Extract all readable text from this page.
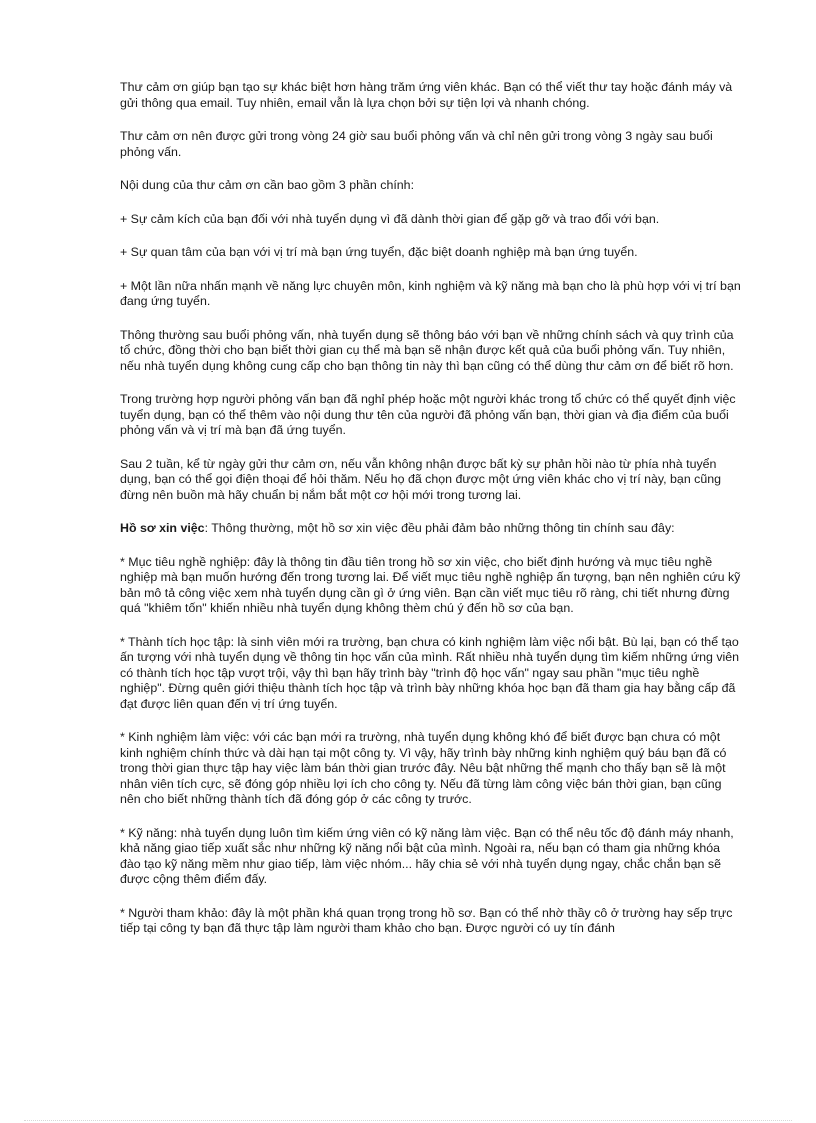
Thư cảm ơn giúp bạn tạo sự khác biệt hơn hàng trăm ứng viên khác. Bạn có thể viết thư tay hoặc đánh máy và gửi thông qua email. Tuy nhiên, email vẫn là lựa chọn bởi sự tiện lợi và nhanh chóng.

Thư cảm ơn nên được gửi trong vòng 24 giờ sau buổi phỏng vấn và chỉ nên gửi trong vòng 3 ngày sau buổi phỏng vấn.

Nội dung của thư cảm ơn cần bao gồm 3 phần chính:

+ Sự cảm kích của bạn đối với nhà tuyển dụng vì đã dành thời gian để gặp gỡ và trao đổi với bạn.

+ Sự quan tâm của bạn với vị trí mà bạn ứng tuyển, đặc biệt doanh nghiệp mà bạn ứng tuyển.

+ Một lần nữa nhấn mạnh về năng lực chuyên môn, kinh nghiệm và kỹ năng mà bạn cho là phù hợp với vị trí bạn đang ứng tuyển.

Thông thường sau buổi phỏng vấn, nhà tuyển dụng sẽ thông báo với bạn về những chính sách và quy trình của tổ chức, đồng thời cho bạn biết thời gian cụ thể mà bạn sẽ nhận được kết quả của buổi phỏng vấn. Tuy nhiên, nếu nhà tuyển dụng không cung cấp cho bạn thông tin này thì bạn cũng có thể dùng thư cảm ơn để biết rõ hơn.

Trong trường hợp người phỏng vấn bạn đã nghỉ phép hoặc một người khác trong tổ chức có thể quyết định việc tuyển dụng, bạn có thể thêm vào nội dung thư tên của người đã phỏng vấn bạn, thời gian và địa điểm của buổi phỏng vấn và vị trí mà bạn đã ứng tuyển.

Sau 2 tuần, kể từ ngày gửi thư cảm ơn, nếu vẫn không nhận được bất kỳ sự phản hồi nào từ phía nhà tuyển dụng, bạn có thể gọi điện thoại để hỏi thăm. Nếu họ đã chọn được một ứng viên khác cho vị trí này, bạn cũng đừng nên buồn mà hãy chuẩn bị nắm bắt một cơ hội mới trong tương lai.

Hồ sơ xin việc: Thông thường, một hồ sơ xin việc đều phải đảm bảo những thông tin chính sau đây:

* Mục tiêu nghề nghiệp: đây là thông tin đầu tiên trong hồ sơ xin việc, cho biết định hướng và mục tiêu nghề nghiệp mà bạn muốn hướng đến trong tương lai. Để viết mục tiêu nghề nghiệp ấn tượng, bạn nên nghiên cứu kỹ bản mô tả công việc xem nhà tuyển dụng cần gì ở ứng viên. Bạn cần viết mục tiêu rõ ràng, chi tiết nhưng đừng quá "khiêm tốn" khiến nhiều nhà tuyển dụng không thèm chú ý đến hồ sơ của bạn.

* Thành tích học tập: là sinh viên mới ra trường, bạn chưa có kinh nghiệm làm việc nổi bật. Bù lại, bạn có thể tạo ấn tượng với nhà tuyển dụng về thông tin học vấn của mình. Rất nhiều nhà tuyển dụng tìm kiếm những ứng viên có thành tích học tập vượt trội, vậy thì bạn hãy trình bày "trình độ học vấn" ngay sau phần "mục tiêu nghề nghiệp". Đừng quên giới thiệu thành tích học tập và trình bày những khóa học bạn đã tham gia hay bằng cấp đã đạt được liên quan đến vị trí ứng tuyển.

* Kinh nghiệm làm việc: với các bạn mới ra trường, nhà tuyển dụng không khó để biết được bạn chưa có một kinh nghiệm chính thức và dài hạn tại một công ty. Vì vậy, hãy trình bày những kinh nghiệm quý báu bạn đã có trong thời gian thực tập hay việc làm bán thời gian trước đây. Nêu bật những thế mạnh cho thấy bạn sẽ là một nhân viên tích cực, sẽ đóng góp nhiều lợi ích cho công ty. Nếu đã từng làm công việc bán thời gian, bạn cũng nên cho biết những thành tích đã đóng góp ở các công ty trước.

* Kỹ năng: nhà tuyển dụng luôn tìm kiếm ứng viên có kỹ năng làm việc. Bạn có thể nêu tốc độ đánh máy nhanh, khả năng giao tiếp xuất sắc như những kỹ năng nổi bật của mình. Ngoài ra, nếu bạn có tham gia những khóa đào tạo kỹ năng mềm như giao tiếp, làm việc nhóm... hãy chia sẻ với nhà tuyển dụng ngay, chắc chắn bạn sẽ được cộng thêm điểm đấy.

* Người tham khảo: đây là một phần khá quan trọng trong hồ sơ. Bạn có thể nhờ thầy cô ở trường hay sếp trực tiếp tại công ty bạn đã thực tập làm người tham khảo cho bạn. Được người có uy tín đánh
